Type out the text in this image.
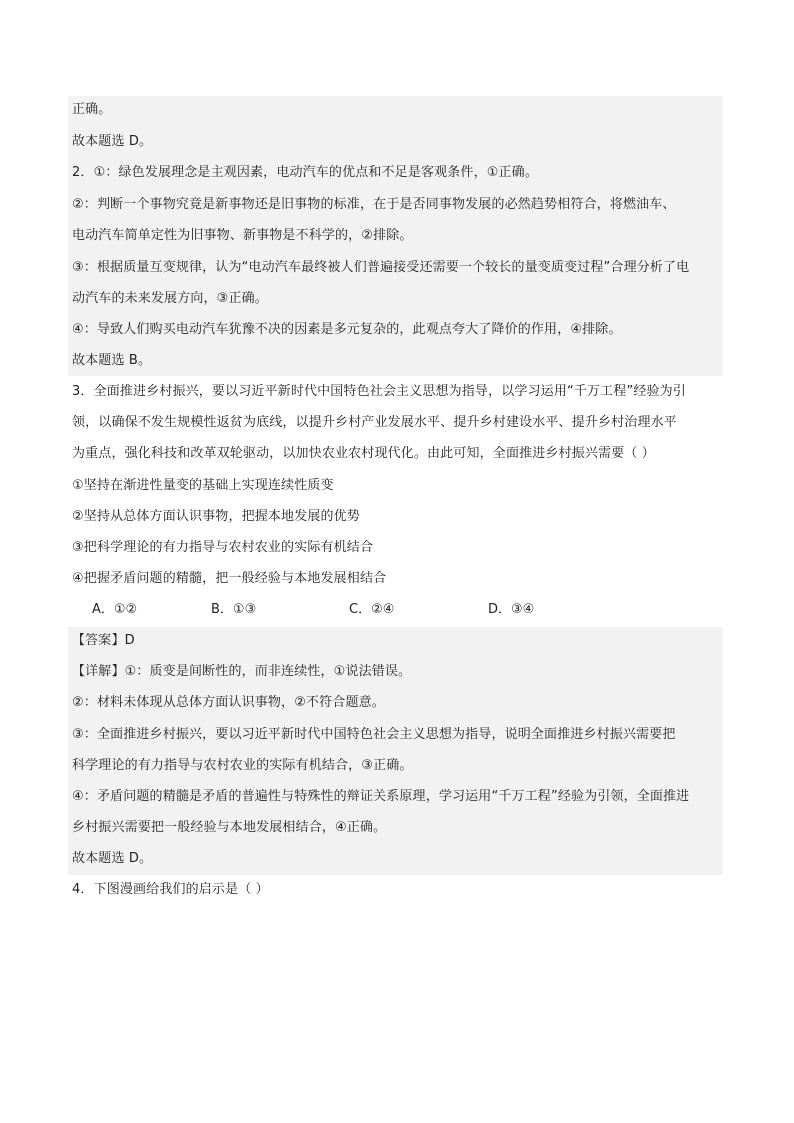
正确。
故本题选 D。
2．①：绿色发展理念是主观因素，电动汽车的优点和不足是客观条件，①正确。
②：判断一个事物究竟是新事物还是旧事物的标准，在于是否同事物发展的必然趋势相符合，将燃油车、
电动汽车简单定性为旧事物、新事物是不科学的，②排除。
③：根据质量互变规律，认为“电动汽车最终被人们普遍接受还需要一个较长的量变质变过程”合理分析了电
动汽车的未来发展方向，③正确。
④：导致人们购买电动汽车犹豫不决的因素是多元复杂的，此观点夸大了降价的作用，④排除。
故本题选 B。
3．全面推进乡村振兴，要以习近平新时代中国特色社会主义思想为指导，以学习运用“千万工程”经验为引
领，以确保不发生规模性返贫为底线，以提升乡村产业发展水平、提升乡村建设水平、提升乡村治理水平
为重点，强化科技和改革双轮驱动，以加快农业农村现代化。由此可知，全面推进乡村振兴需要（ ）
①坚持在渐进性量变的基础上实现连续性质变
②坚持从总体方面认识事物，把握本地发展的优势
③把科学理论的有力指导与农村农业的实际有机结合
④把握矛盾问题的精髓，把一般经验与本地发展相结合
A．①②	B．①③	C．②④	D．③④
【答案】D
【详解】①：质变是间断性的，而非连续性，①说法错误。
②：材料未体现从总体方面认识事物，②不符合题意。
③：全面推进乡村振兴，要以习近平新时代中国特色社会主义思想为指导，说明全面推进乡村振兴需要把
科学理论的有力指导与农村农业的实际有机结合，③正确。
④：矛盾问题的精髓是矛盾的普遍性与特殊性的辩证关系原理，学习运用“千万工程”经验为引领，全面推进
乡村振兴需要把一般经验与本地发展相结合，④正确。
故本题选 D。
4．下图漫画给我们的启示是（ ）
